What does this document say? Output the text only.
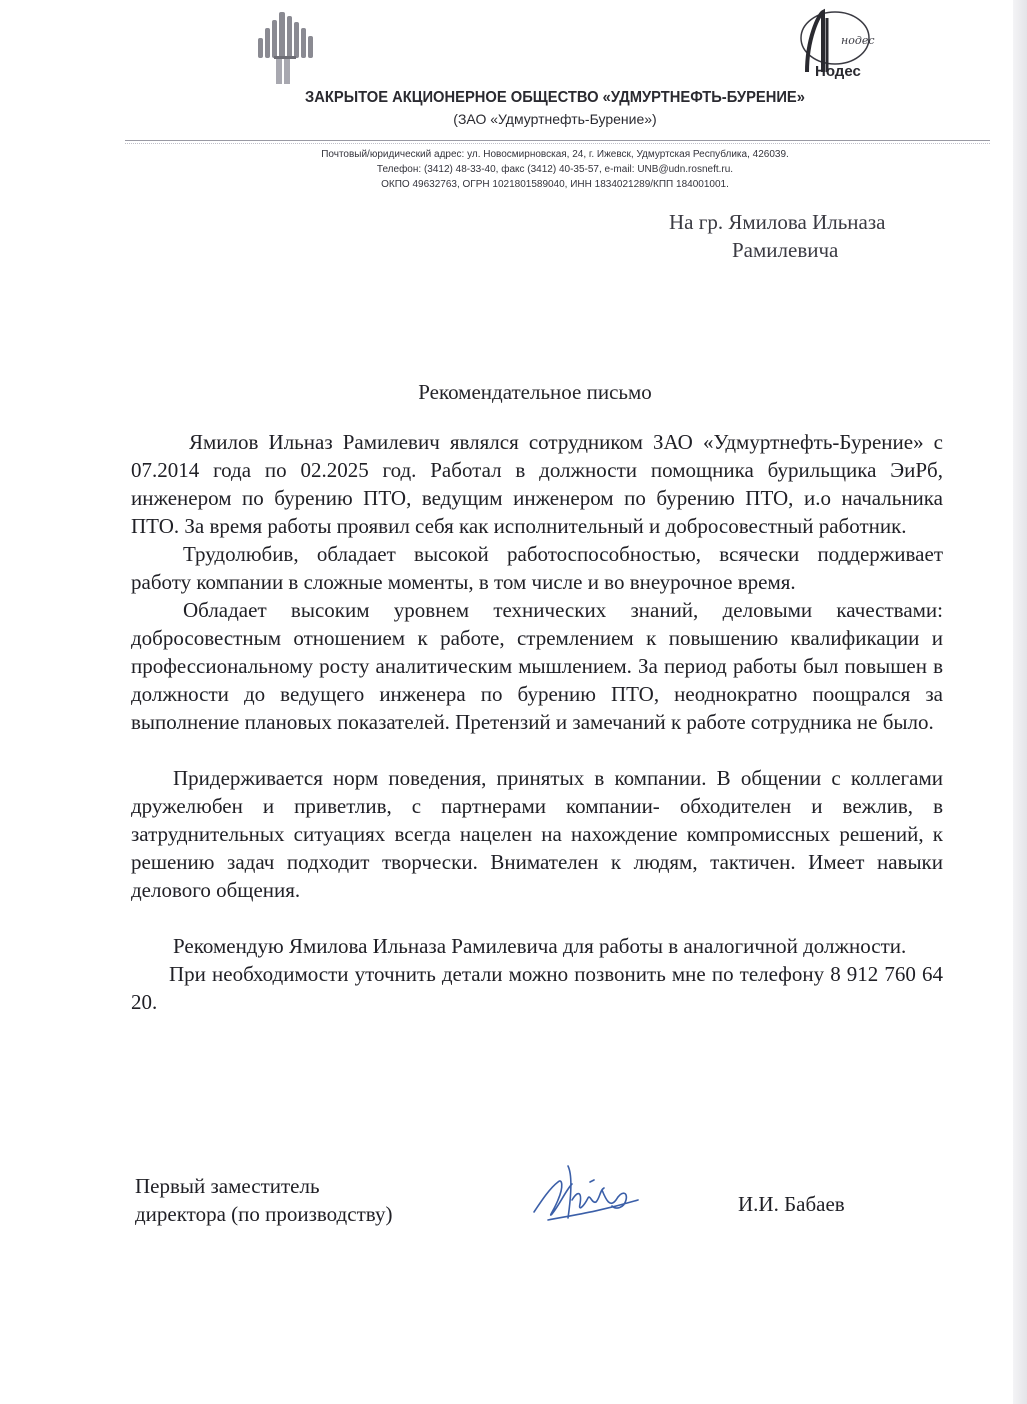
нодес
Нодес
ЗАКРЫТОЕ АКЦИОНЕРНОЕ ОБЩЕСТВО «УДМУРТНЕФТЬ-БУРЕНИЕ»
(ЗАО «Удмуртнефть-Бурение»)
Почтовый/юридический адрес: ул. Новосмирновская, 24, г. Ижевск, Удмуртская Республика, 426039.
Телефон: (3412) 48-33-40, факс (3412) 40-35-57, e-mail: UNB@udn.rosneft.ru.
ОКПО 49632763, ОГРН 1021801589040, ИНН 1834021289/КПП 184001001.
На гр. Ямилова Ильназа
Рамилевича
Рекомендательное письмо

Ямилов Ильназ Рамилевич являлся сотрудником ЗАО «Удмуртнефть-Бурение» с 07.2014 года по 02.2025 год. Работал в должности помощника бурильщика ЭиРб, инженером по бурению ПТО, ведущим инженером по бурению ПТО, и.о начальника ПТО. За время работы проявил себя как исполнительный и добросовестный работник.

Трудолюбив, обладает высокой работоспособностью, всячески поддерживает работу компании в сложные моменты, в том числе и во внеурочное время.

Обладает высоким уровнем технических знаний, деловыми качествами: добросовестным отношением к работе, стремлением к повышению квалификации и профессиональному росту аналитическим мышлением. За период работы был повышен в должности до ведущего инженера по бурению ПТО, неоднократно поощрался за выполнение плановых показателей. Претензий и замечаний к работе сотрудника не было.

Придерживается норм поведения, принятых в компании. В общении с коллегами дружелюбен и приветлив, с партнерами компании- обходителен и вежлив, в затруднительных ситуациях всегда нацелен на нахождение компромиссных решений, к решению задач подходит творчески. Внимателен к людям, тактичен. Имеет навыки делового общения.

Рекомендую Ямилова Ильназа Рамилевича для работы в аналогичной должности.

При необходимости уточнить детали можно позвонить мне по телефону 8 912 760 64 20.

Первый заместитель
директора (по производству)	И.И. Бабаев
